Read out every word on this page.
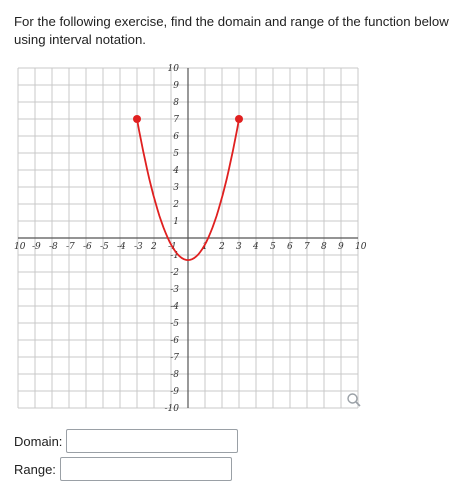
For the following exercise, find the domain and range of the function below using interval notation.

10 -9 -8 -7 -6 -5 -4 -3 2 -1	1 2 3 4 5 6 7 8 9 10
10
9
8
7
6
5
4
3
2
1
-1
-2
-3
-4
-5
-6
-7
-8
-9
-10
Domain:
Range:
